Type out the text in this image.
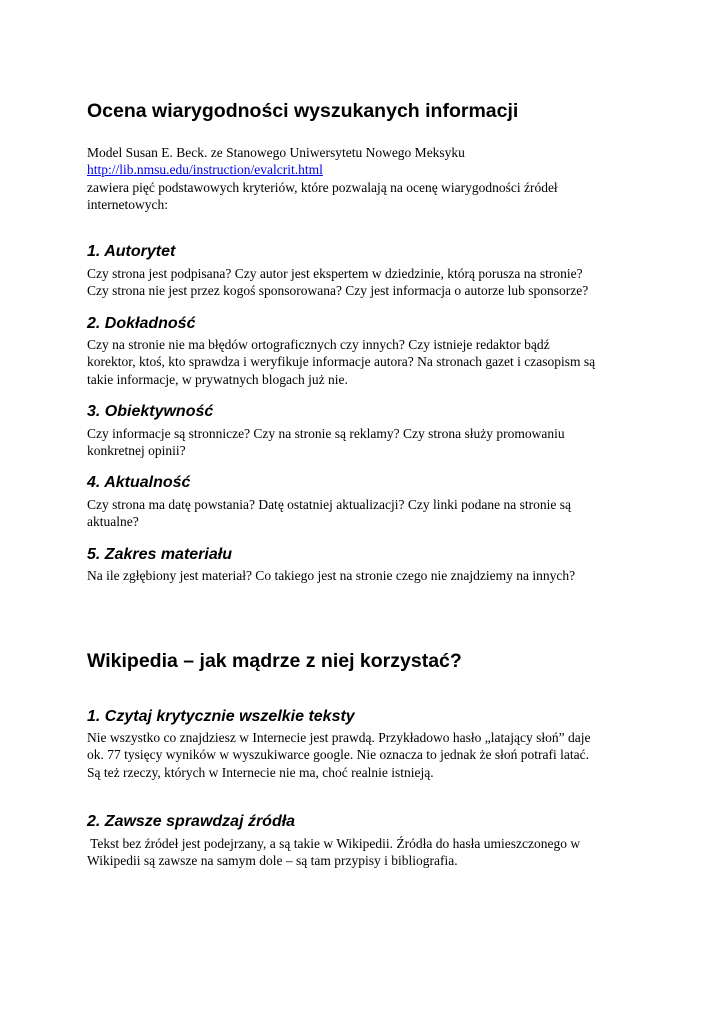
Ocena wiarygodności wyszukanych informacji
Model Susan E. Beck. ze Stanowego Uniwersytetu Nowego Meksyku
http://lib.nmsu.edu/instruction/evalcrit.html
zawiera pięć podstawowych kryteriów, które pozwalają na ocenę wiarygodności źródeł
internetowych:
1. Autorytet
Czy strona jest podpisana? Czy autor jest ekspertem w dziedzinie, którą porusza na stronie?
Czy strona nie jest przez kogoś sponsorowana? Czy jest informacja o autorze lub sponsorze?
2. Dokładność
Czy na stronie nie ma błędów ortograficznych czy innych? Czy istnieje redaktor bądź
korektor, ktoś, kto sprawdza i weryfikuje informacje autora? Na stronach gazet i czasopism są
takie informacje, w prywatnych blogach już nie.
3. Obiektywność
Czy informacje są stronnicze? Czy na stronie są reklamy? Czy strona służy promowaniu
konkretnej opinii?
4. Aktualność
Czy strona ma datę powstania? Datę ostatniej aktualizacji? Czy linki podane na stronie są
aktualne?
5. Zakres materiału
Na ile zgłębiony jest materiał? Co takiego jest na stronie czego nie znajdziemy na innych?
Wikipedia – jak mądrze z niej korzystać?
1. Czytaj krytycznie wszelkie teksty
Nie wszystko co znajdziesz w Internecie jest prawdą. Przykładowo hasło „latający słoń” daje
ok. 77 tysięcy wyników w wyszukiwarce google. Nie oznacza to jednak że słoń potrafi latać.
Są też rzeczy, których w Internecie nie ma, choć realnie istnieją.
2. Zawsze sprawdzaj źródła
Tekst bez źródeł jest podejrzany, a są takie w Wikipedii. Źródła do hasła umieszczonego w
Wikipedii są zawsze na samym dole – są tam przypisy i bibliografia.
